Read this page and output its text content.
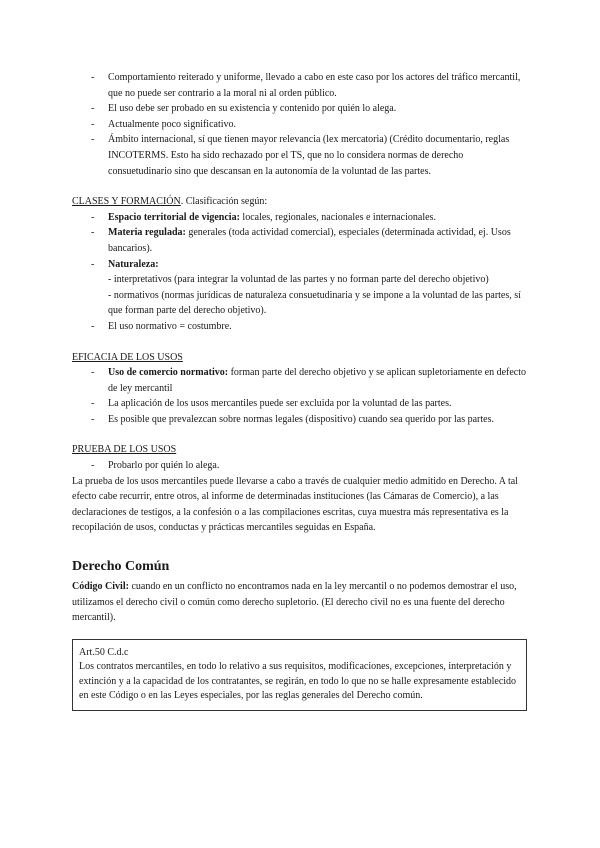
- Comportamiento reiterado y uniforme, llevado a cabo en este caso por los actores del tráfico mercantil, que no puede ser contrario a la moral ni al orden público.
- El uso debe ser probado en su existencia y contenido por quién lo alega.
- Actualmente poco significativo.
- Ámbito internacional, sí que tienen mayor relevancia (lex mercatoria) (Crédito documentario, reglas INCOTERMS. Esto ha sido rechazado por el TS, que no lo considera normas de derecho consuetudinario sino que descansan en la autonomía de la voluntad de las partes.
CLASES Y FORMACIÓN. Clasificación según:
- Espacio territorial de vigencia: locales, regionales, nacionales e internacionales.
- Materia regulada: generales (toda actividad comercial), especiales (determinada actividad, ej. Usos bancarios).
- Naturaleza:
- interpretativos (para integrar la voluntad de las partes y no forman parte del derecho objetivo)
- normativos (normas jurídicas de naturaleza consuetudinaria y se impone a la voluntad de las partes, sí que forman parte del derecho objetivo).
- El uso normativo = costumbre.
EFICACIA DE LOS USOS
- Uso de comercio normativo: forman parte del derecho objetivo y se aplican supletoriamente en defecto de ley mercantil
- La aplicación de los usos mercantiles puede ser excluida por la voluntad de las partes.
- Es posible que prevalezcan sobre normas legales (dispositivo) cuando sea querido por las partes.
PRUEBA DE LOS USOS
- Probarlo por quién lo alega.

La prueba de los usos mercantiles puede llevarse a cabo a través de cualquier medio admitido en Derecho. A tal efecto cabe recurrir, entre otros, al informe de determinadas instituciones (las Cámaras de Comercio), a las declaraciones de testigos, a la confesión o a las compilaciones escritas, cuya muestra más representativa es la recopilación de usos, conductas y prácticas mercantiles seguidas en España.

Derecho Común

Código Civil: cuando en un conflicto no encontramos nada en la ley mercantil o no podemos demostrar el uso, utilizamos el derecho civil o común como derecho supletorio. (El derecho civil no es una fuente del derecho mercantil).

Art.50 C.d.c
Los contratos mercantiles, en todo lo relativo a sus requisitos, modificaciones, excepciones, interpretación y extinción y a la capacidad de los contratantes, se regirán, en todo lo que no se halle expresamente establecido en este Código o en las Leyes especiales, por las reglas generales del Derecho común.
